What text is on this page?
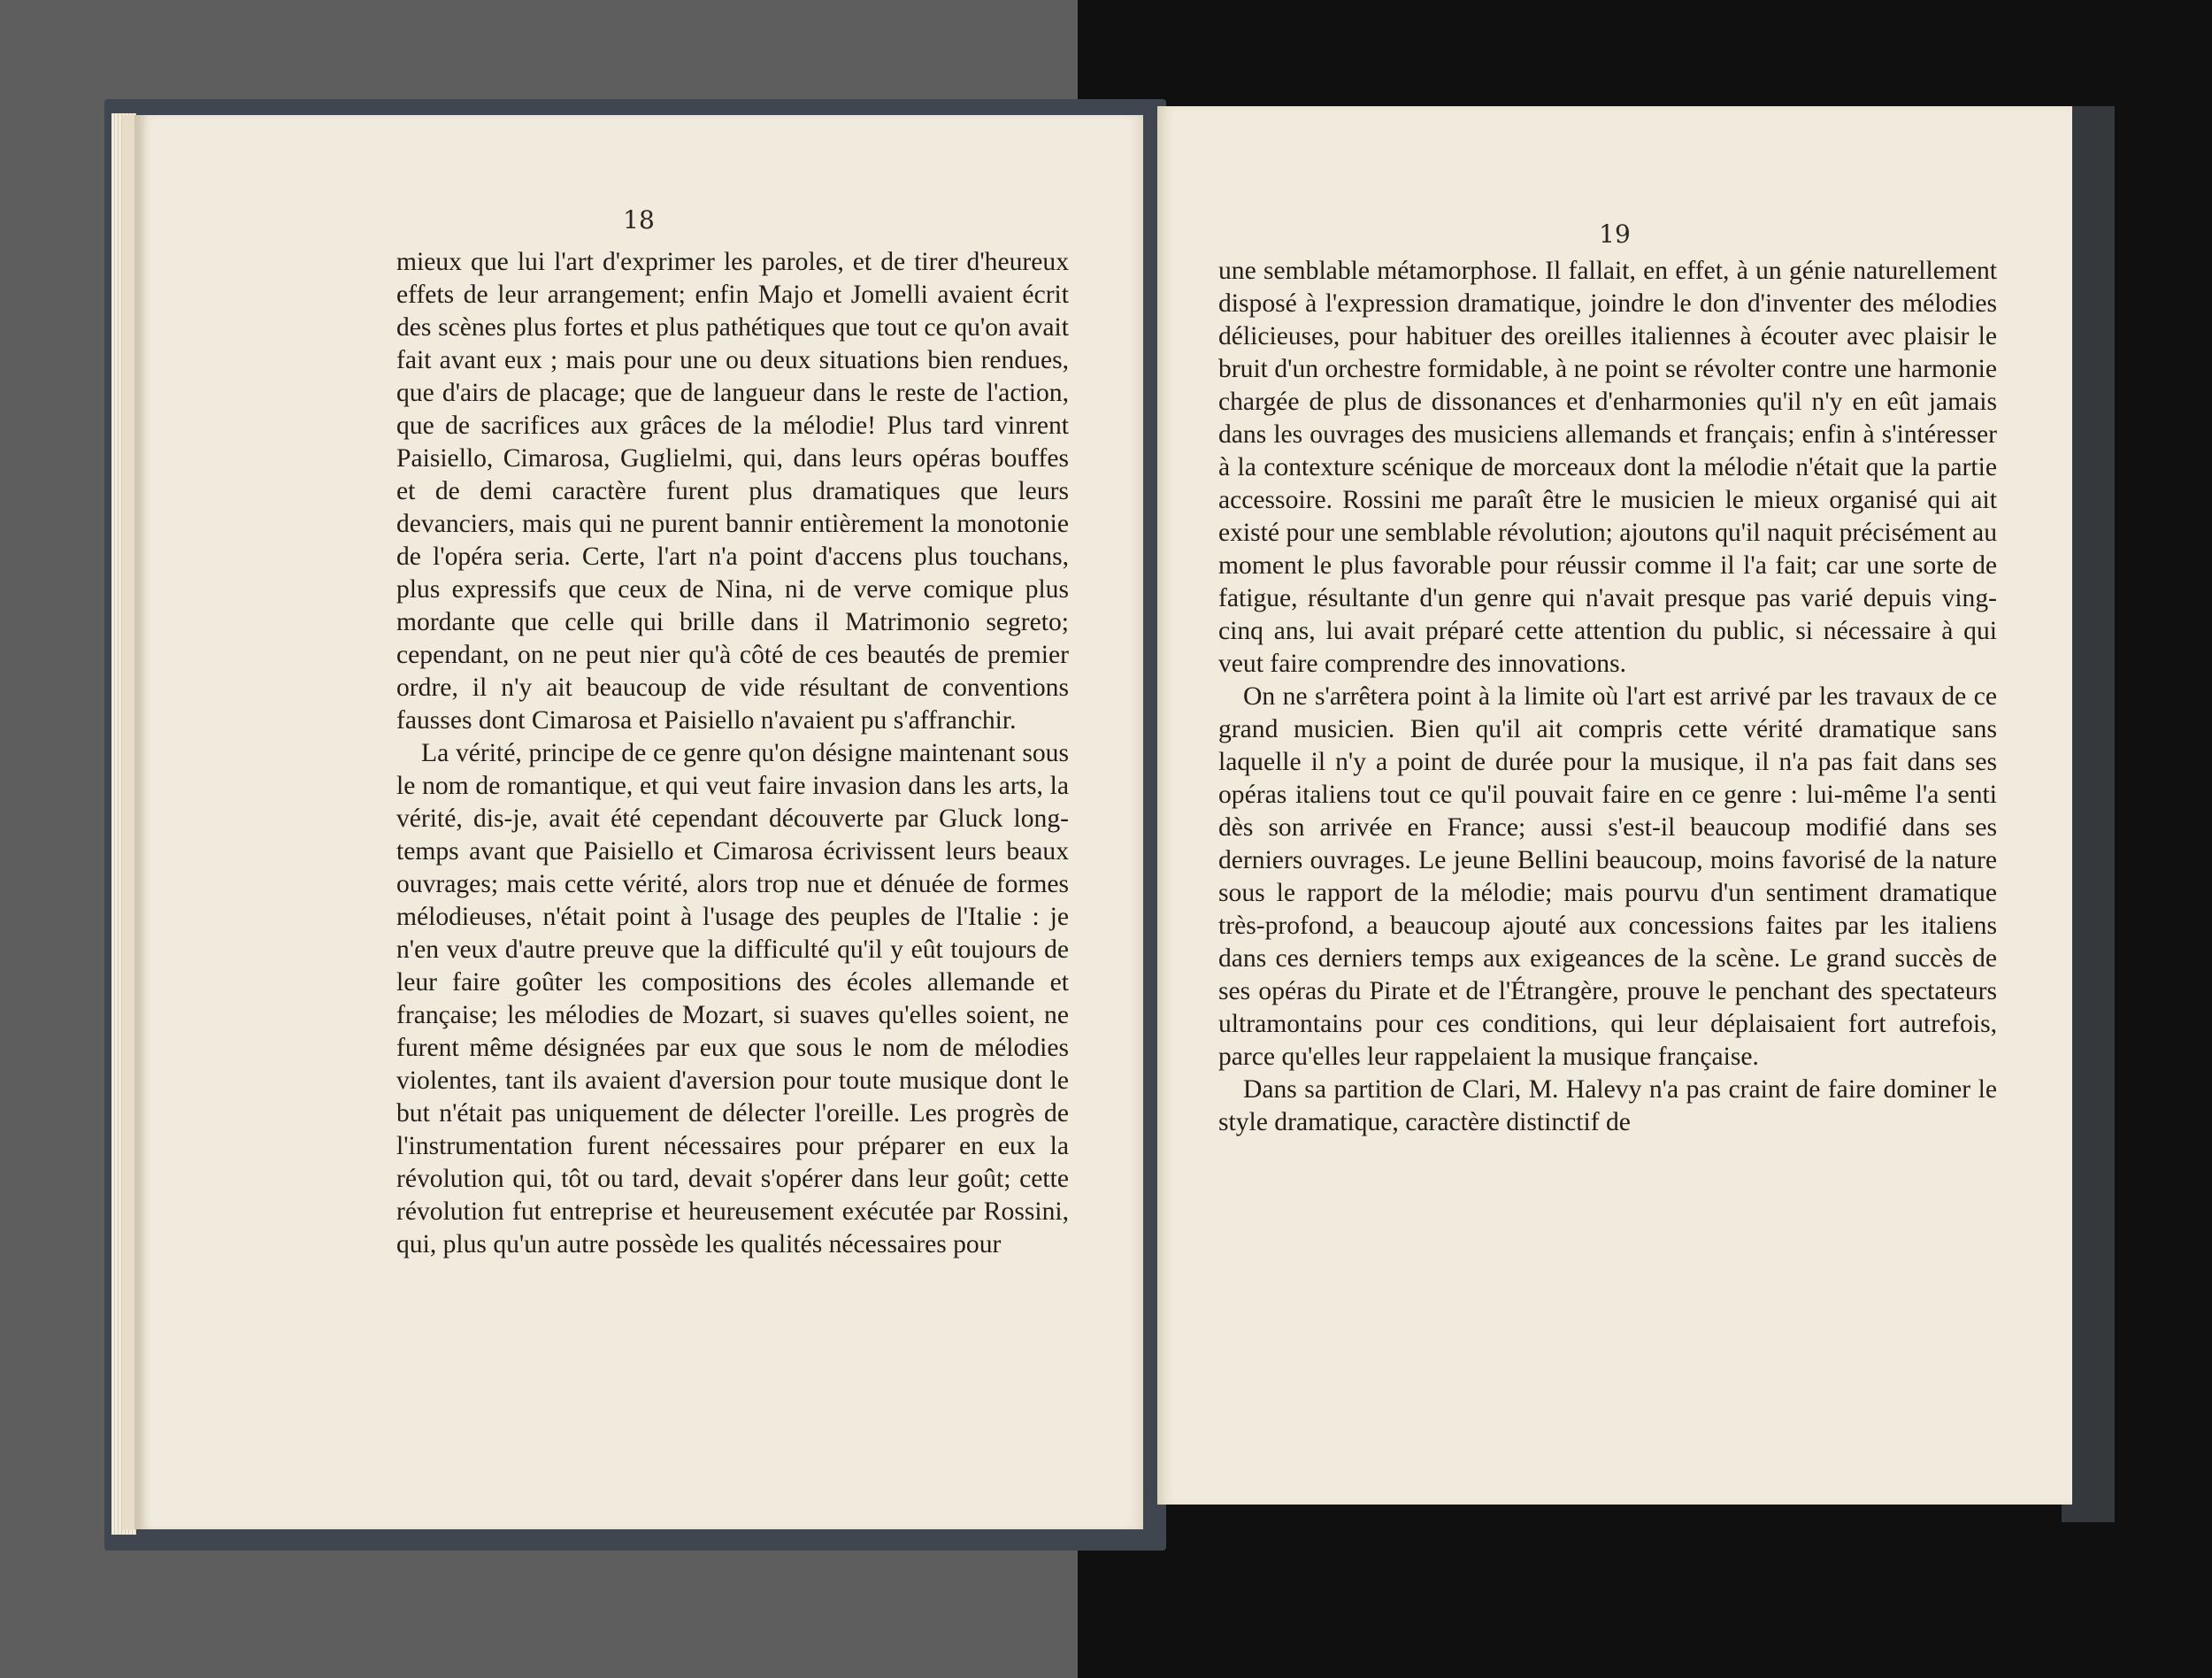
18

mieux que lui l'art d'exprimer les paroles, et de tirer d'heureux effets de leur arrangement; enfin Majo et Jomelli avaient écrit des scènes plus fortes et plus pathétiques que tout ce qu'on avait fait avant eux ; mais pour une ou deux situations bien rendues, que d'airs de placage; que de langueur dans le reste de l'action, que de sacrifices aux grâces de la mélodie! Plus tard vinrent Paisiello, Cimarosa, Guglielmi, qui, dans leurs opéras bouffes et de demi caractère furent plus dramatiques que leurs devanciers, mais qui ne purent bannir entièrement la monotonie de l'opéra seria. Certe, l'art n'a point d'accens plus touchans, plus expressifs que ceux de Nina, ni de verve comique plus mordante que celle qui brille dans il Matrimonio segreto; cependant, on ne peut nier qu'à côté de ces beautés de premier ordre, il n'y ait beaucoup de vide résultant de conventions fausses dont Cimarosa et Paisiello n'avaient pu s'affranchir.

La vérité, principe de ce genre qu'on désigne maintenant sous le nom de romantique, et qui veut faire invasion dans les arts, la vérité, dis-je, avait été cependant découverte par Gluck long-temps avant que Paisiello et Cimarosa écrivissent leurs beaux ouvrages; mais cette vérité, alors trop nue et dénuée de formes mélodieuses, n'était point à l'usage des peuples de l'Italie : je n'en veux d'autre preuve que la difficulté qu'il y eût toujours de leur faire goûter les compositions des écoles allemande et française; les mélodies de Mozart, si suaves qu'elles soient, ne furent même désignées par eux que sous le nom de mélodies violentes, tant ils avaient d'aversion pour toute musique dont le but n'était pas uniquement de délecter l'oreille. Les progrès de l'instrumentation furent nécessaires pour préparer en eux la révolution qui, tôt ou tard, devait s'opérer dans leur goût; cette révolution fut entreprise et heureusement exécutée par Rossini, qui, plus qu'un autre possède les qualités nécessaires pour

19

une semblable métamorphose. Il fallait, en effet, à un génie naturellement disposé à l'expression dramatique, joindre le don d'inventer des mélodies délicieuses, pour habituer des oreilles italiennes à écouter avec plaisir le bruit d'un orchestre formidable, à ne point se révolter contre une harmonie chargée de plus de dissonances et d'enharmonies qu'il n'y en eût jamais dans les ouvrages des musiciens allemands et français; enfin à s'intéresser à la contexture scénique de morceaux dont la mélodie n'était que la partie accessoire. Rossini me paraît être le musicien le mieux organisé qui ait existé pour une semblable révolution; ajoutons qu'il naquit précisément au moment le plus favorable pour réussir comme il l'a fait; car une sorte de fatigue, résultante d'un genre qui n'avait presque pas varié depuis ving-cinq ans, lui avait préparé cette attention du public, si nécessaire à qui veut faire comprendre des innovations.

On ne s'arrêtera point à la limite où l'art est arrivé par les travaux de ce grand musicien. Bien qu'il ait compris cette vérité dramatique sans laquelle il n'y a point de durée pour la musique, il n'a pas fait dans ses opéras italiens tout ce qu'il pouvait faire en ce genre : lui-même l'a senti dès son arrivée en France; aussi s'est-il beaucoup modifié dans ses derniers ouvrages. Le jeune Bellini beaucoup, moins favorisé de la nature sous le rapport de la mélodie; mais pourvu d'un sentiment dramatique très-profond, a beaucoup ajouté aux concessions faites par les italiens dans ces derniers temps aux exigeances de la scène. Le grand succès de ses opéras du Pirate et de l'Étrangère, prouve le penchant des spectateurs ultramontains pour ces conditions, qui leur déplaisaient fort autrefois, parce qu'elles leur rappelaient la musique française.

Dans sa partition de Clari, M. Halevy n'a pas craint de faire dominer le style dramatique, caractère distinctif de
